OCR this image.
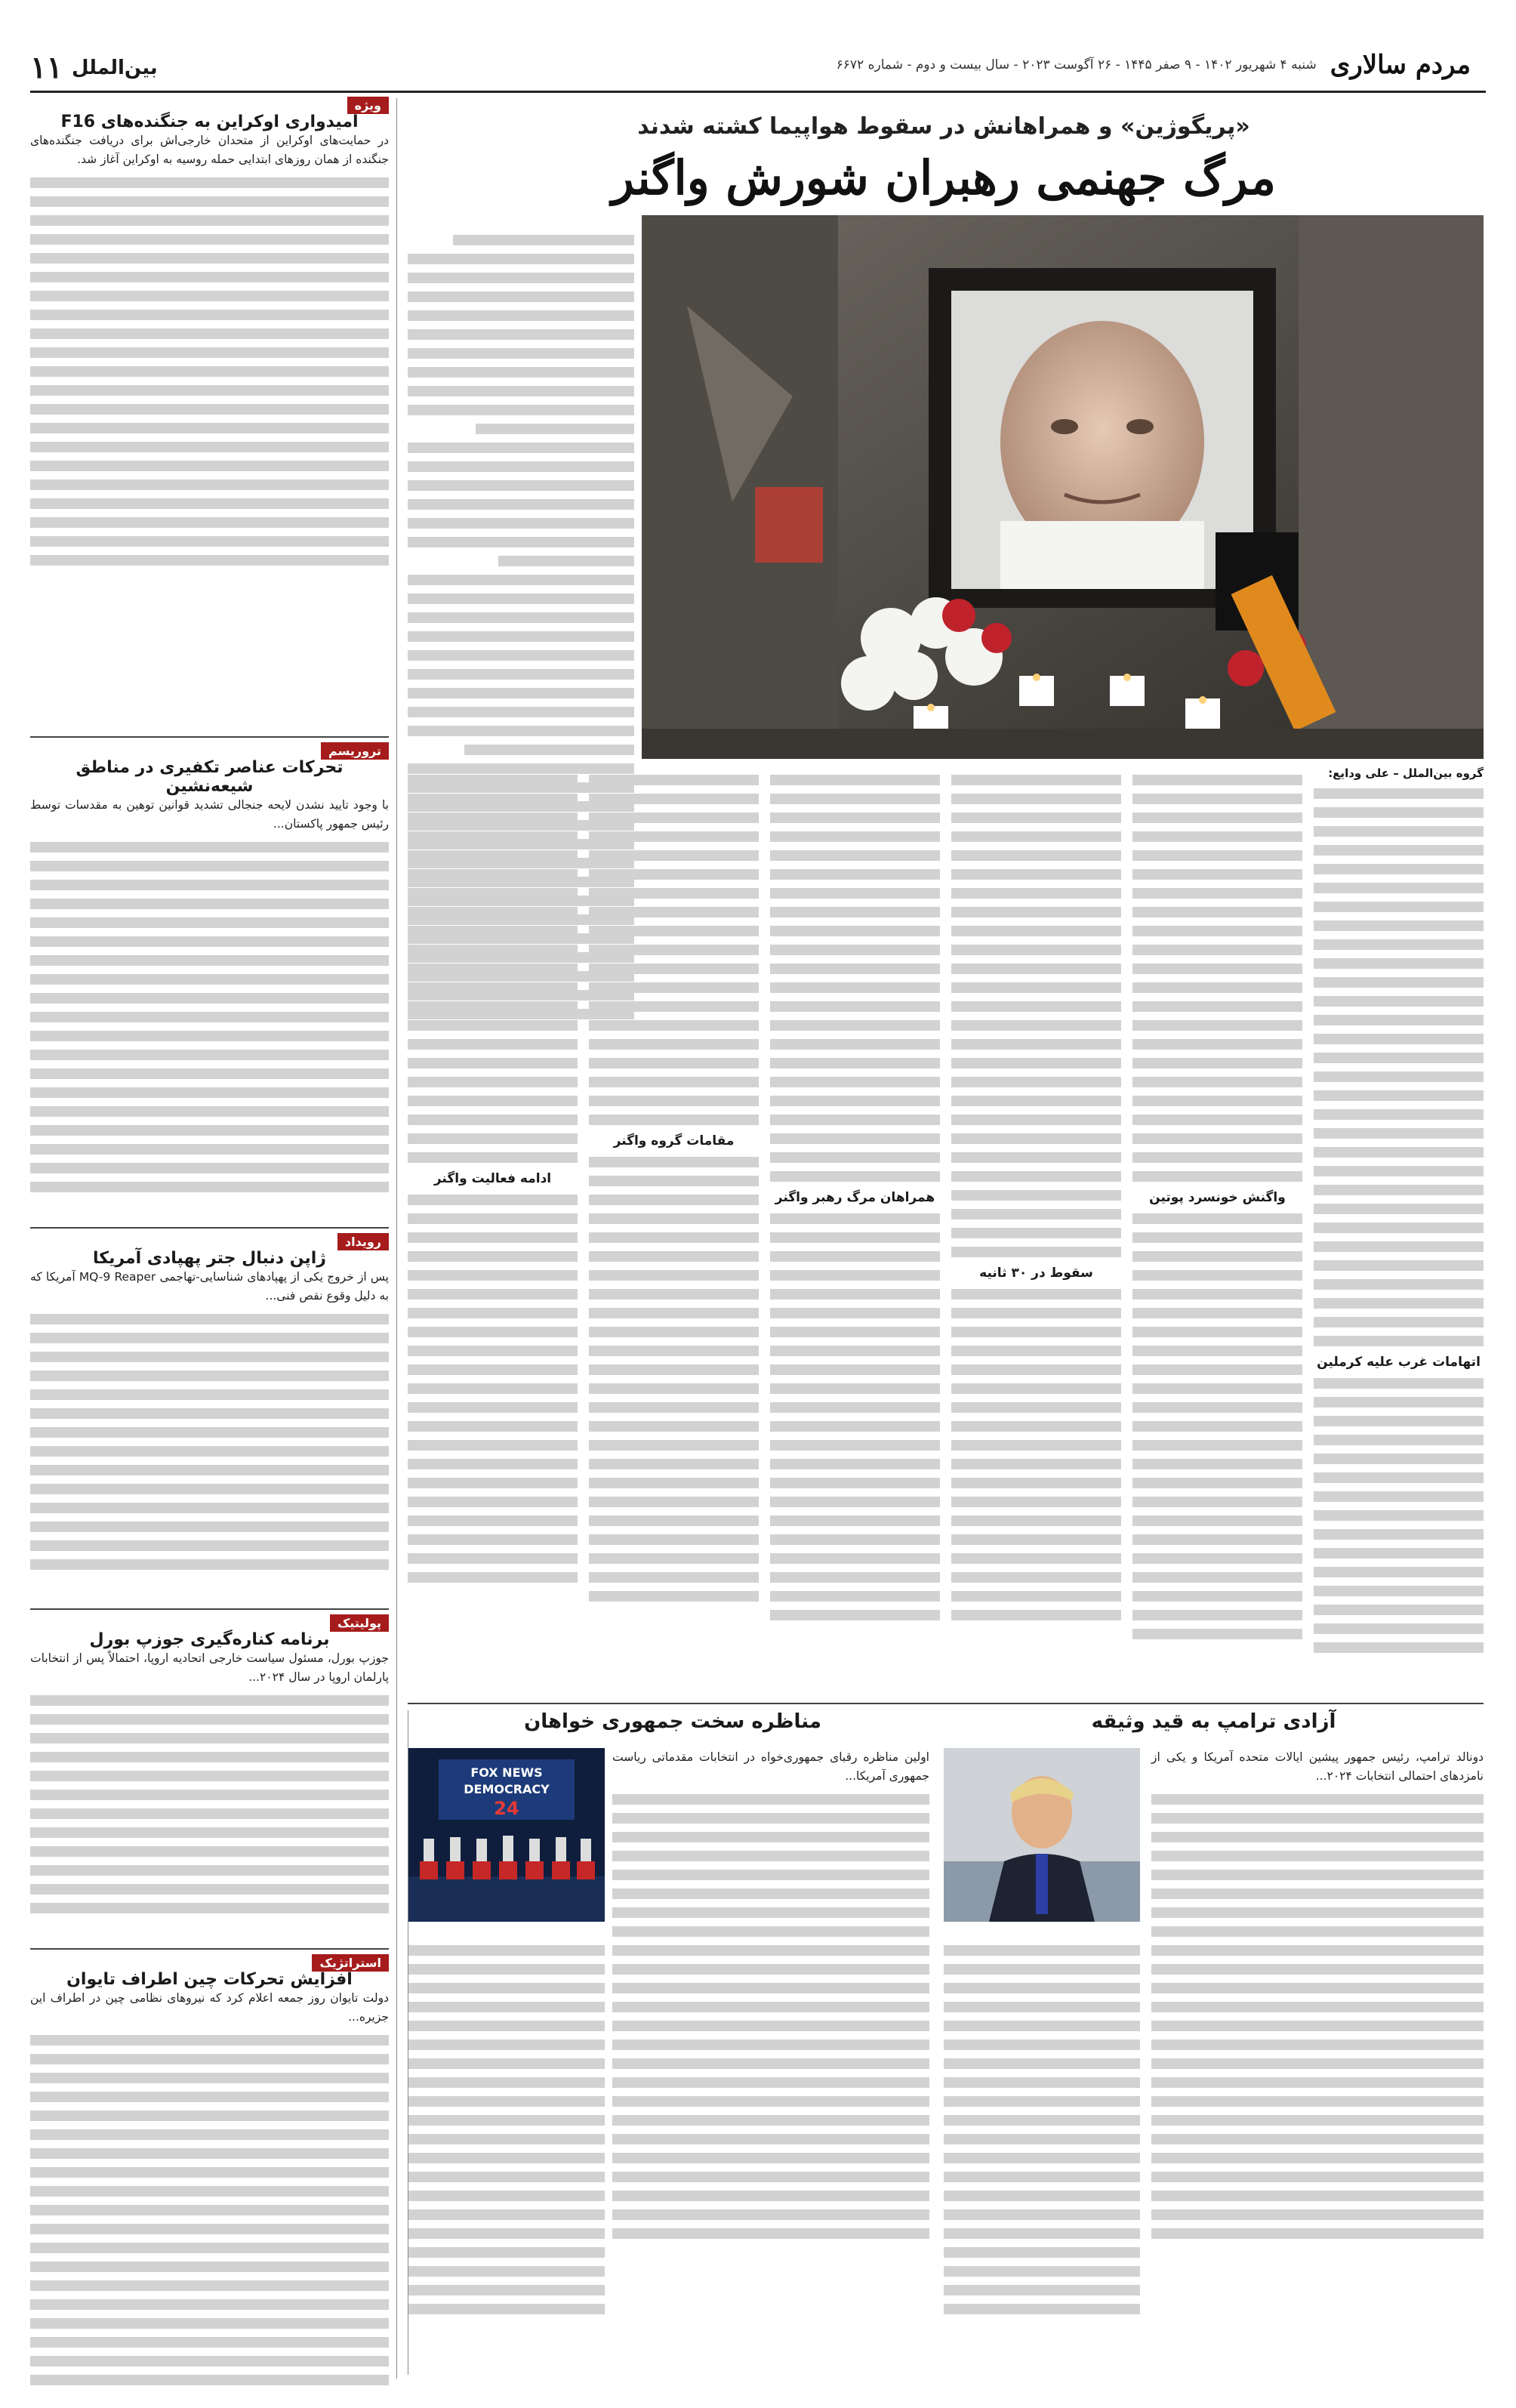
مردم سالاری
شنبه ۴ شهریور ۱۴۰۲ - ۹ صفر ۱۴۴۵ - ۲۶ آگوست ۲۰۲۳ - سال بیست و دوم - شماره ۶۶۷۲
بین‌الملل
۱۱
«پریگوژین» و همراهانش در سقوط هواپیما کشته شدند
مرگ جهنمی رهبران شورش واگنر
گروه بین‌الملل – علی ودایع:
اتهامات غرب علیه کرملین
واگنش خونسرد پوتین
سقوط در ۳۰ ثانیه
همراهان مرگ رهبر واگنر
مقامات گروه واگنر
ادامه فعالیت واگنر
آزادی ترامپ به قید وثیقه
دونالد ترامپ، رئیس جمهور پیشین ایالات متحده آمریکا و یکی از نامزدهای احتمالی انتخابات ۲۰۲۴...
مناظره سخت جمهوری خواهان
FOX NEWS
DEMOCRACY
24
اولین مناظره رقبای جمهوری‌خواه در انتخابات مقدماتی ریاست جمهوری آمریکا...
ویژه
امیدواری اوکراین به جنگنده‌های F16
در حمایت‌های اوکراین از متحدان خارجی‌اش برای دریافت جنگنده‌های جنگنده از همان روزهای ابتدایی حمله روسیه به اوکراین آغاز شد.
تروریسم
تحرکات عناصر تکفیری در مناطق شیعه‌نشین
با وجود تایید نشدن لایحه جنجالی تشدید قوانین توهین به مقدسات توسط رئیس جمهور پاکستان...
رویداد
ژاپن دنبال جتر پهپادی آمریکا
پس از خروج یکی از پهپادهای شناسایی-تهاجمی MQ-9 Reaper آمریکا که به دلیل وقوع نقص فنی...
پولیتیک
برنامه کناره‌گیری جوزپ بورل
جوزپ بورل، مسئول سیاست خارجی اتحادیه اروپا، احتمالاً پس از انتخابات پارلمان اروپا در سال ۲۰۲۴...
استراتژیک
افزایش تحرکات چین اطراف تایوان
دولت تایوان روز جمعه اعلام کرد که نیروهای نظامی چین در اطراف این جزیره...
